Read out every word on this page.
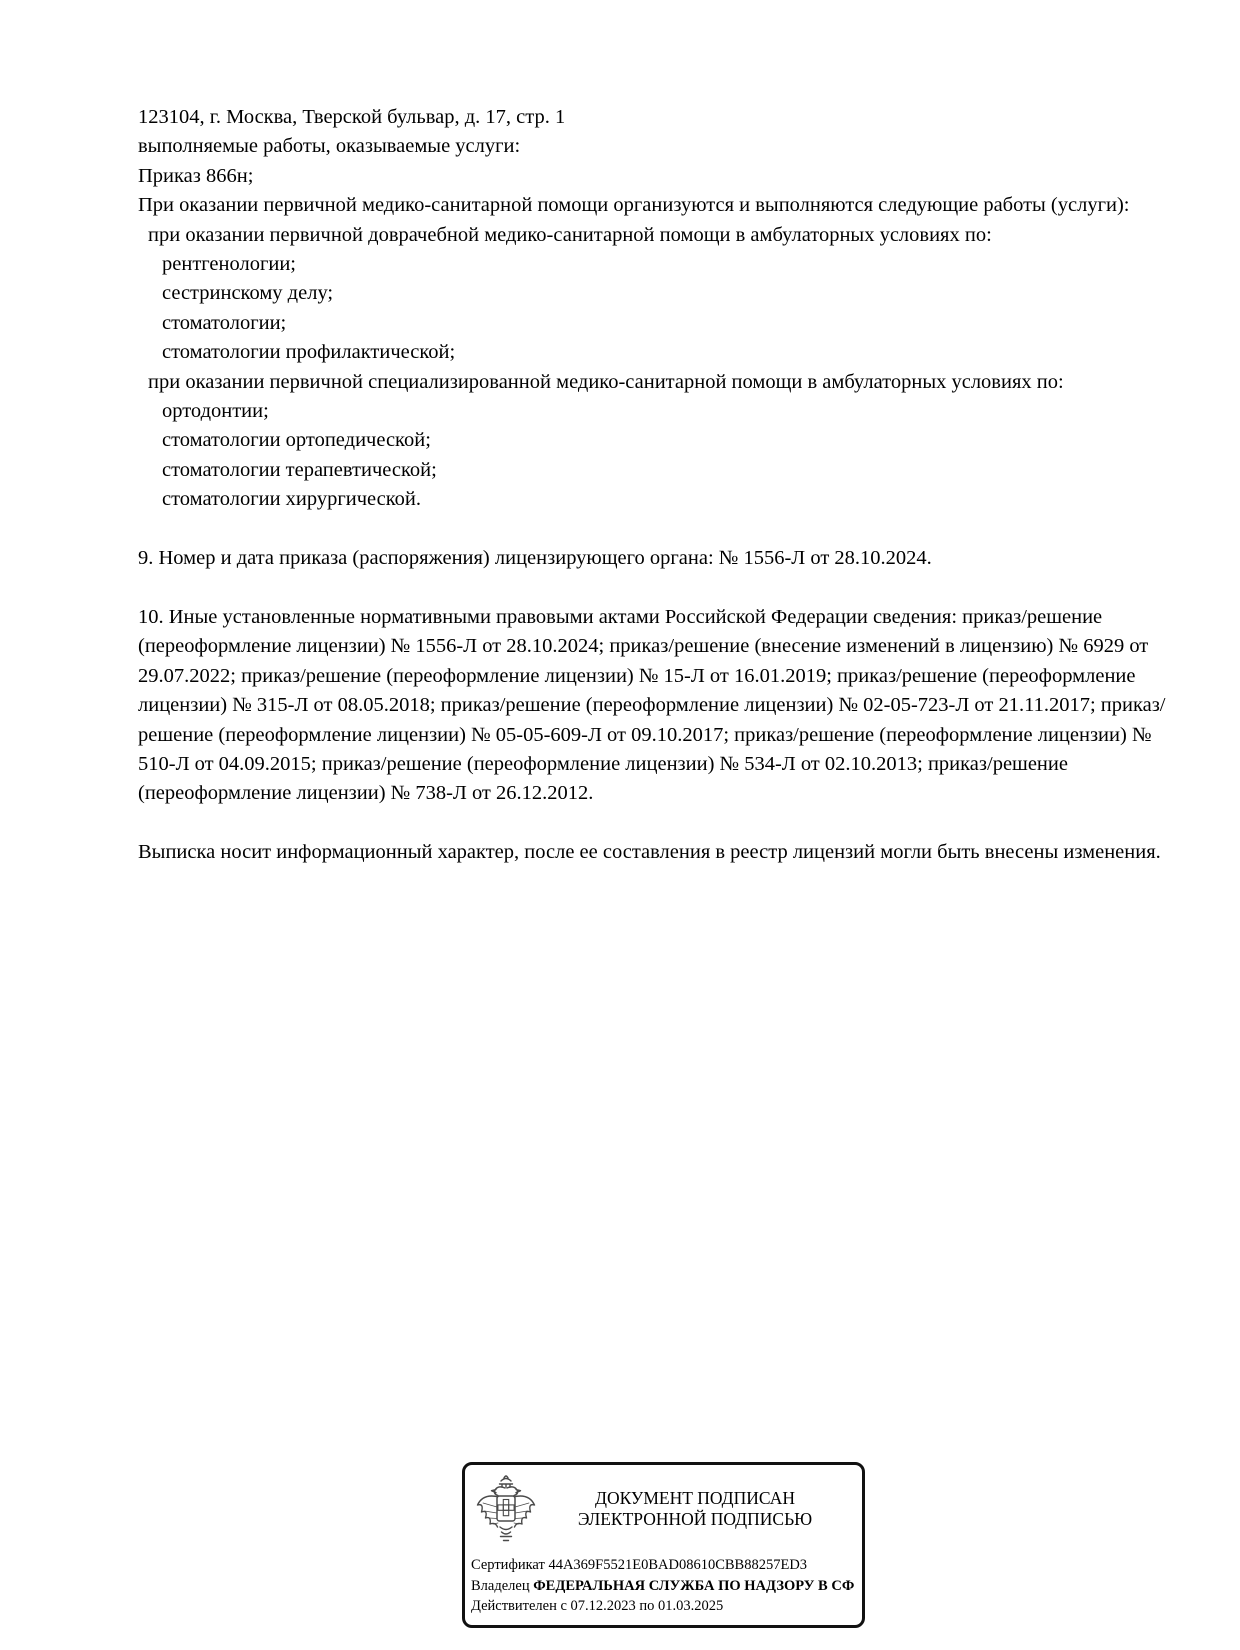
123104, г. Москва, Тверской бульвар, д. 17, стр. 1

выполняемые работы, оказываемые услуги:

Приказ 866н;

При оказании первичной медико-санитарной помощи организуются и выполняются следующие работы (услуги):

при оказании первичной доврачебной медико-санитарной помощи в амбулаторных условиях по:

рентгенологии;

сестринскому делу;

стоматологии;

стоматологии профилактической;

при оказании первичной специализированной медико-санитарной помощи в амбулаторных условиях по:

ортодонтии;

стоматологии ортопедической;

стоматологии терапевтической;

стоматологии хирургической.

9. Номер и дата приказа (распоряжения) лицензирующего органа: № 1556-Л от 28.10.2024.

10. Иные установленные нормативными правовыми актами Российской Федерации сведения: приказ/решение (переоформление лицензии) № 1556-Л от 28.10.2024; приказ/решение (внесение изменений в лицензию) № 6929 от 29.07.2022; приказ/решение (переоформление лицензии) № 15-Л от 16.01.2019; приказ/решение (переоформление лицензии) № 315-Л от 08.05.2018; приказ/решение (переоформление лицензии) № 02-05-723-Л от 21.11.2017; приказ/решение (переоформление лицензии) № 05-05-609-Л от 09.10.2017; приказ/решение (переоформление лицензии) № 510-Л от 04.09.2015; приказ/решение (переоформление лицензии) № 534-Л от 02.10.2013; приказ/решение (переоформление лицензии) № 738-Л от 26.12.2012.

Выписка носит информационный характер, после ее составления в реестр лицензий могли быть внесены изменения.

ДОКУМЕНТ ПОДПИСАН
ЭЛЕКТРОННОЙ ПОДПИСЬЮ
Сертификат 44A369F5521E0BAD08610CBB88257ED3
Владелец ФЕДЕРАЛЬНАЯ СЛУЖБА ПО НАДЗОРУ В СФ
Действителен с 07.12.2023 по 01.03.2025
